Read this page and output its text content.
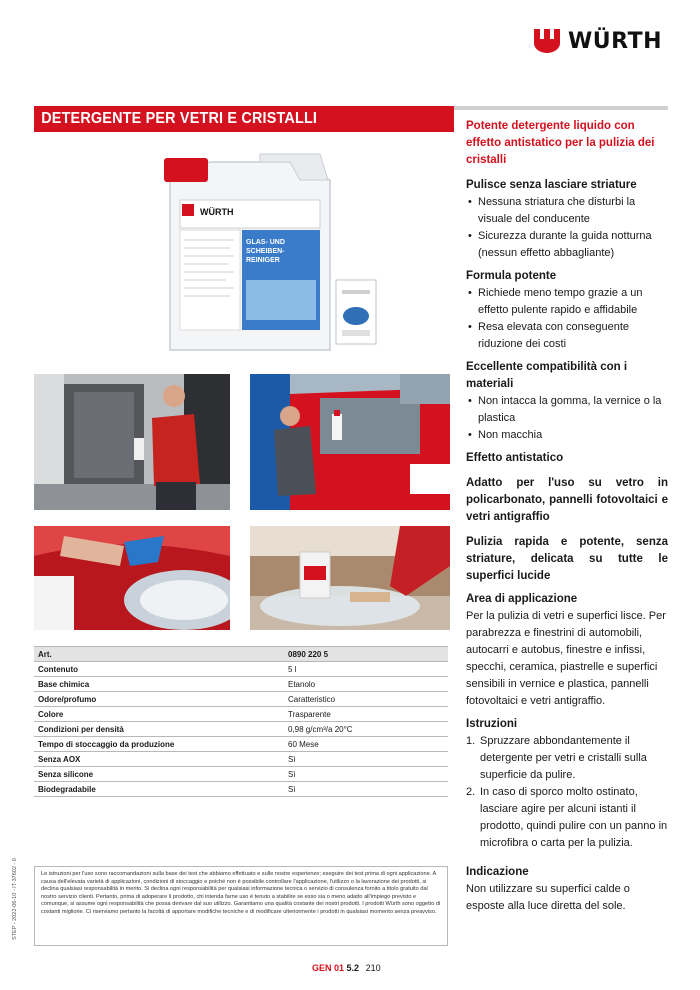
WÜRTH
DETERGENTE PER VETRI E CRISTALLI
WÜRTH
GLAS- UND
SCHEIBEN-
REINIGER

Potente detergente liquido con effetto antistatico per la pulizia dei cristalli

Pulisce senza lasciare striature

• Nessuna striatura che disturbi la visuale del conducente
• Sicurezza durante la guida notturna (nessun effetto abbagliante)

Formula potente

• Richiede meno tempo grazie a un effetto pulente rapido e affidabile
• Resa elevata con conseguente riduzione dei costi

Eccellente compatibilità con i materiali

• Non intacca la gomma, la vernice o la plastica
• Non macchia

Effetto antistatico

Adatto per l'uso su vetro in policarbonato, pannelli fotovoltaici e vetri antigraffio

Pulizia rapida e potente, senza striature, delicata su tutte le superfici lucide

Area di applicazione

Per la pulizia di vetri e superfici lisce. Per parabrezza e finestrini di automobili, autocarri e autobus, finestre e infissi, specchi, ceramica, piastrelle e superfici sensibili in vernice e plastica, pannelli fotovoltaici e vetri antigraffio.

Istruzioni

1. Spruzzare abbondantemente il detergente per vetri e cristalli sulla superficie da pulire.
2. In caso di sporco molto ostinato, lasciare agire per alcuni istanti il prodotto, quindi pulire con un panno in microfibra o carta per la pulizia.

Indicazione

Non utilizzare su superfici calde o esposte alla luce diretta del sole.

Art.	0890 220 5
Contenuto	5 l
Base chimica	Etanolo
Odore/profumo	Caratteristico
Colore	Trasparente
Condizioni per densità	0,98 g/cm³/a 20°C
Tempo di stoccaggio da produzione	60 Mese
Senza AOX	Sì
Senza silicone	Sì
Biodegradabile	Sì
Le istruzioni per l'uso sono raccomandazioni sulla base dei test che abbiamo effettuato e sulle nostre esperienze; eseguire dei test prima di ogni applicazione. A causa dell'elevata varietà di applicazioni, condizioni di stoccaggio e poiché non è possibile controllare l'applicazione, l'utilizzo o la lavorazione dei prodotti, si declina qualsiasi responsabilità in merito. Si declina ogni responsabilità per qualsiasi informazione tecnica o servizio di consulenza fornito a titolo gratuito dal nostro servizio clienti. Pertanto, prima di adoperare il prodotto, chi intenda farne uso è tenuto a stabilire se esso sia o meno adatto all'impiego previsto e comunque, si assume ogni responsabilità che possa derivare dal suo utilizzo. Garantiamo una qualità costante dei nostri prodotti. I prodotti Würth sono oggetto di costanti migliorie. Ci riserviamo pertanto la facoltà di apportare modifiche tecniche e di modificare ulteriormente i prodotti in qualsiasi momento senza preavviso.
STEP - 2022-06-10 - IT-37602 - 0
GEN 01 5.2 210
